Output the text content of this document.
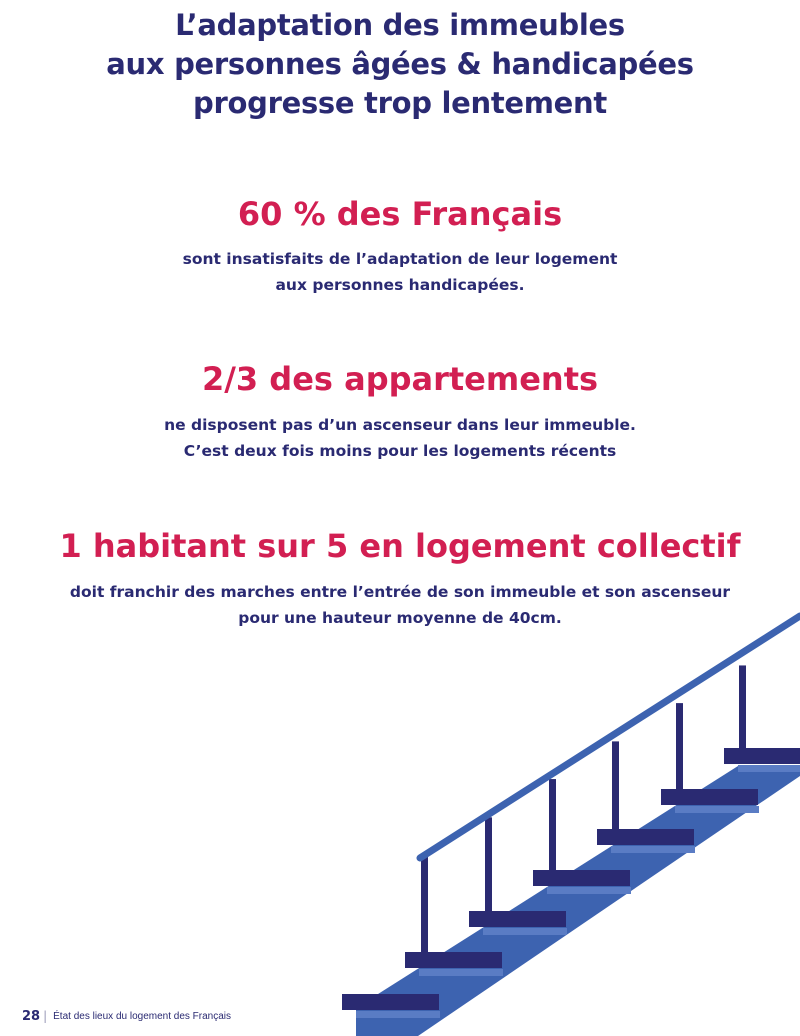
L’adaptation des immeubles
aux personnes âgées & handicapées
progresse trop lentement
60 % des Français
sont insatisfaits de l’adaptation de leur logement
aux personnes handicapées.
2/3 des appartements
ne disposent pas d’un ascenseur dans leur immeuble.
C’est deux fois moins pour les logements récents
1 habitant sur 5 en logement collectif
doit franchir des marches entre l’entrée de son immeuble et son ascenseur
pour une hauteur moyenne de 40cm.
28 | État des lieux du logement des Français
